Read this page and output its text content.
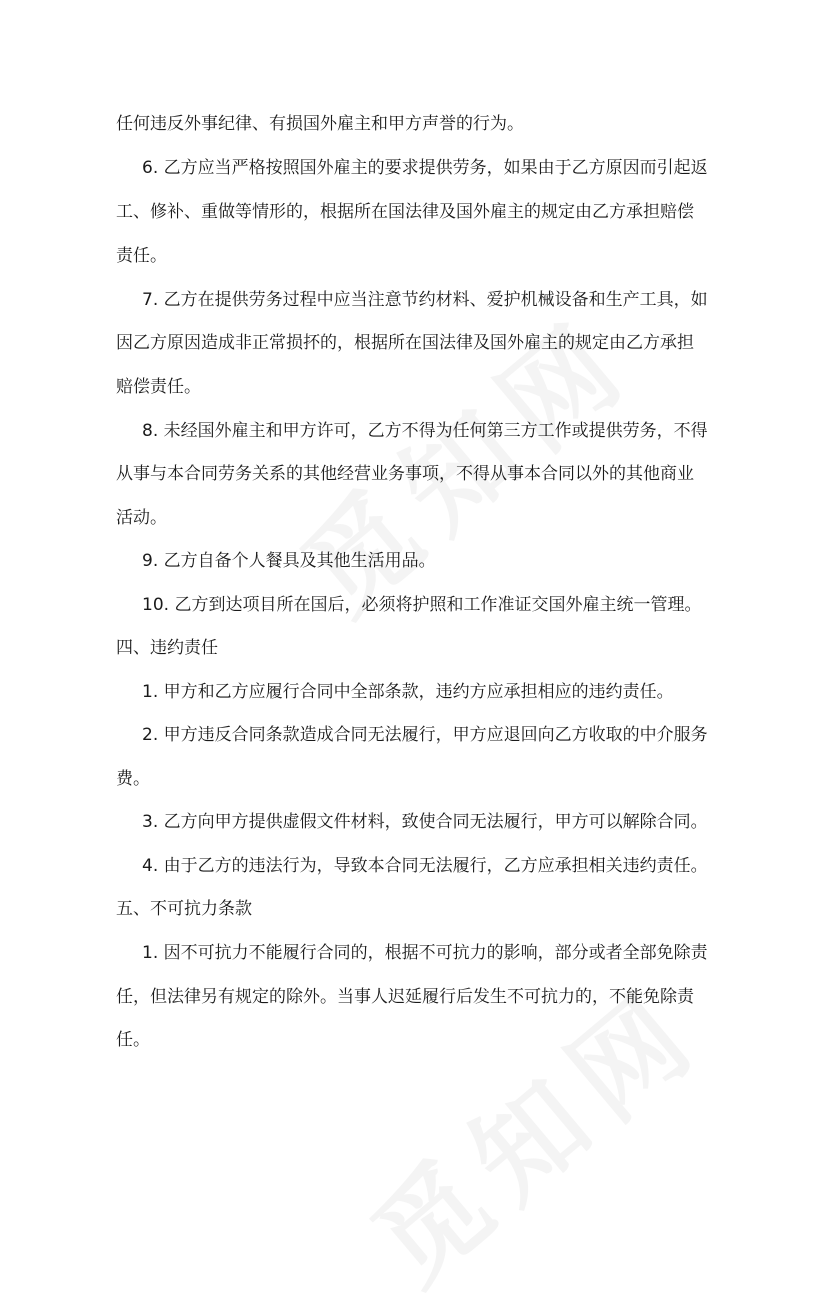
任何违反外事纪律、有损国外雇主和甲方声誉的行为。
6. 乙方应当严格按照国外雇主的要求提供劳务，如果由于乙方原因而引起返
工、修补、重做等情形的，根据所在国法律及国外雇主的规定由乙方承担赔偿
责任。
7. 乙方在提供劳务过程中应当注意节约材料、爱护机械设备和生产工具，如
因乙方原因造成非正常损抔的，根据所在国法律及国外雇主的规定由乙方承担
赔偿责任。
8. 未经国外雇主和甲方许可，乙方不得为任何第三方工作或提供劳务，不得
从事与本合同劳务关系的其他经营业务事项，不得从事本合同以外的其他商业
活动。
9. 乙方自备个人餐具及其他生活用品。
10. 乙方到达项目所在国后，必须将护照和工作准证交国外雇主统一管理。
四、违约责任
1. 甲方和乙方应履行合同中全部条款，违约方应承担相应的违约责任。
2. 甲方违反合同条款造成合同无法履行，甲方应退回向乙方收取的中介服务
费。
3. 乙方向甲方提供虚假文件材料，致使合同无法履行，甲方可以解除合同。
4. 由于乙方的违法行为，导致本合同无法履行，乙方应承担相关违约责任。
五、不可抗力条款
1. 因不可抗力不能履行合同的，根据不可抗力的影响，部分或者全部免除责
任，但法律另有规定的除外。当事人迟延履行后发生不可抗力的，不能免除责
任。
